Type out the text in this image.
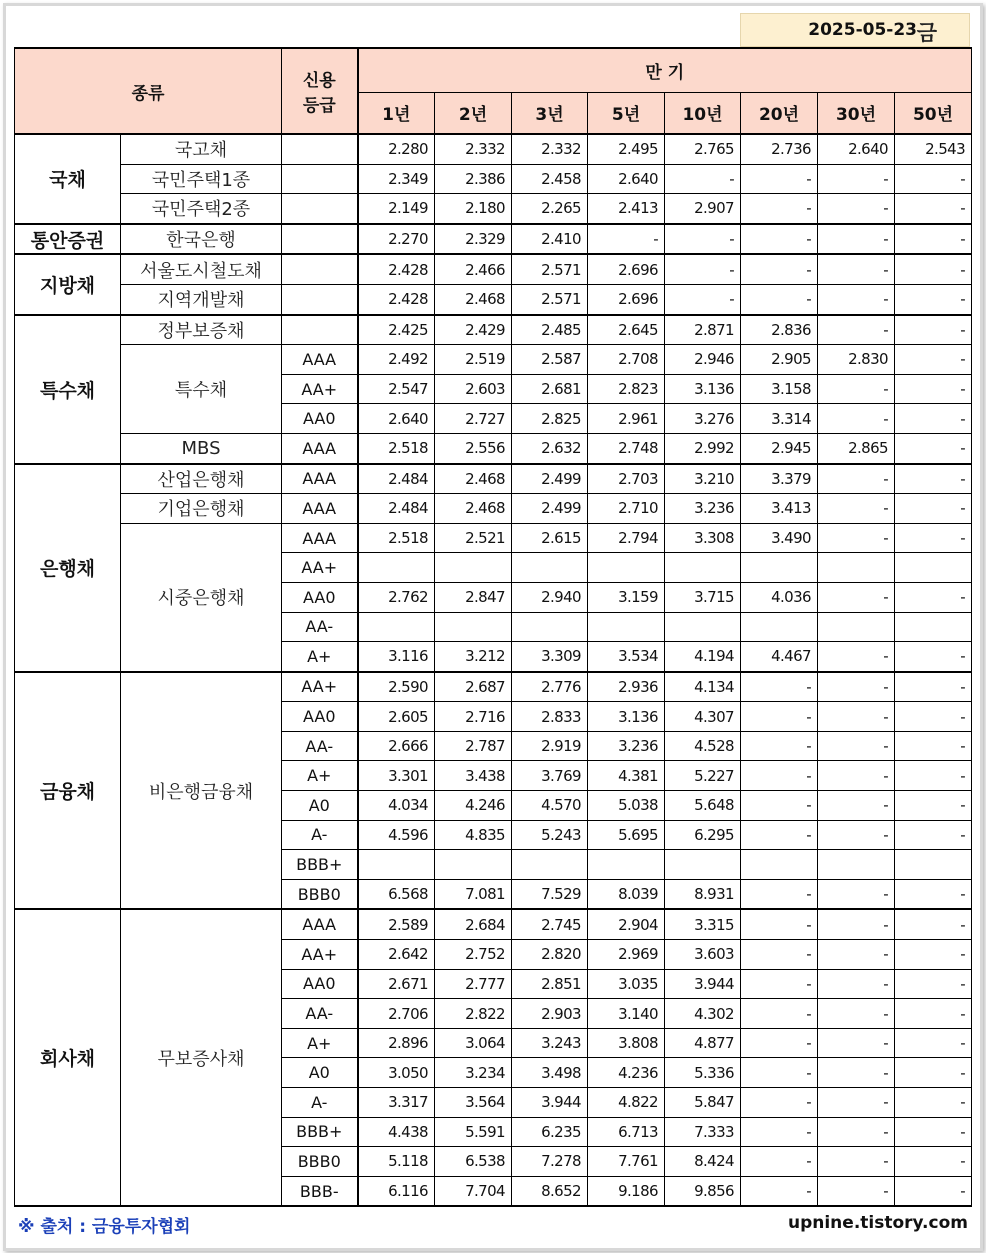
2025-05-23 금
종류		신용
등급	만 기							
			1년	2년	3년	5년	10년	20년	30년	50년
국채	국고채		2.280	2.332	2.332	2.495	2.765	2.736	2.640	2.543
	국민주택1종		2.349	2.386	2.458	2.640	-	-	-	-
	국민주택2종		2.149	2.180	2.265	2.413	2.907	-	-	-
통안증권	한국은행		2.270	2.329	2.410	-	-	-	-	-
지방채	서울도시철도채		2.428	2.466	2.571	2.696	-	-	-	-
	지역개발채		2.428	2.468	2.571	2.696	-	-	-	-
특수채	정부보증채		2.425	2.429	2.485	2.645	2.871	2.836	-	-
	특수채	AAA	2.492	2.519	2.587	2.708	2.946	2.905	2.830	-
		AA+	2.547	2.603	2.681	2.823	3.136	3.158	-	-
		AA0	2.640	2.727	2.825	2.961	3.276	3.314	-	-
	MBS	AAA	2.518	2.556	2.632	2.748	2.992	2.945	2.865	-
은행채	산업은행채	AAA	2.484	2.468	2.499	2.703	3.210	3.379	-	-
	기업은행채	AAA	2.484	2.468	2.499	2.710	3.236	3.413	-	-
	시중은행채	AAA	2.518	2.521	2.615	2.794	3.308	3.490	-	-
		AA+								
		AA0	2.762	2.847	2.940	3.159	3.715	4.036	-	-
		AA-								
		A+	3.116	3.212	3.309	3.534	4.194	4.467	-	-
금융채	비은행금융채	AA+	2.590	2.687	2.776	2.936	4.134	-	-	-
		AA0	2.605	2.716	2.833	3.136	4.307	-	-	-
		AA-	2.666	2.787	2.919	3.236	4.528	-	-	-
		A+	3.301	3.438	3.769	4.381	5.227	-	-	-
		A0	4.034	4.246	4.570	5.038	5.648	-	-	-
		A-	4.596	4.835	5.243	5.695	6.295	-	-	-
		BBB+								
		BBB0	6.568	7.081	7.529	8.039	8.931	-	-	-
회사채	무보증사채	AAA	2.589	2.684	2.745	2.904	3.315	-	-	-
		AA+	2.642	2.752	2.820	2.969	3.603	-	-	-
		AA0	2.671	2.777	2.851	3.035	3.944	-	-	-
		AA-	2.706	2.822	2.903	3.140	4.302	-	-	-
		A+	2.896	3.064	3.243	3.808	4.877	-	-	-
		A0	3.050	3.234	3.498	4.236	5.336	-	-	-
		A-	3.317	3.564	3.944	4.822	5.847	-	-	-
		BBB+	4.438	5.591	6.235	6.713	7.333	-	-	-
		BBB0	5.118	6.538	7.278	7.761	8.424	-	-	-
		BBB-	6.116	7.704	8.652	9.186	9.856	-	-	-
※ 출처 : 금융투자협회	upnine.tistory.com
